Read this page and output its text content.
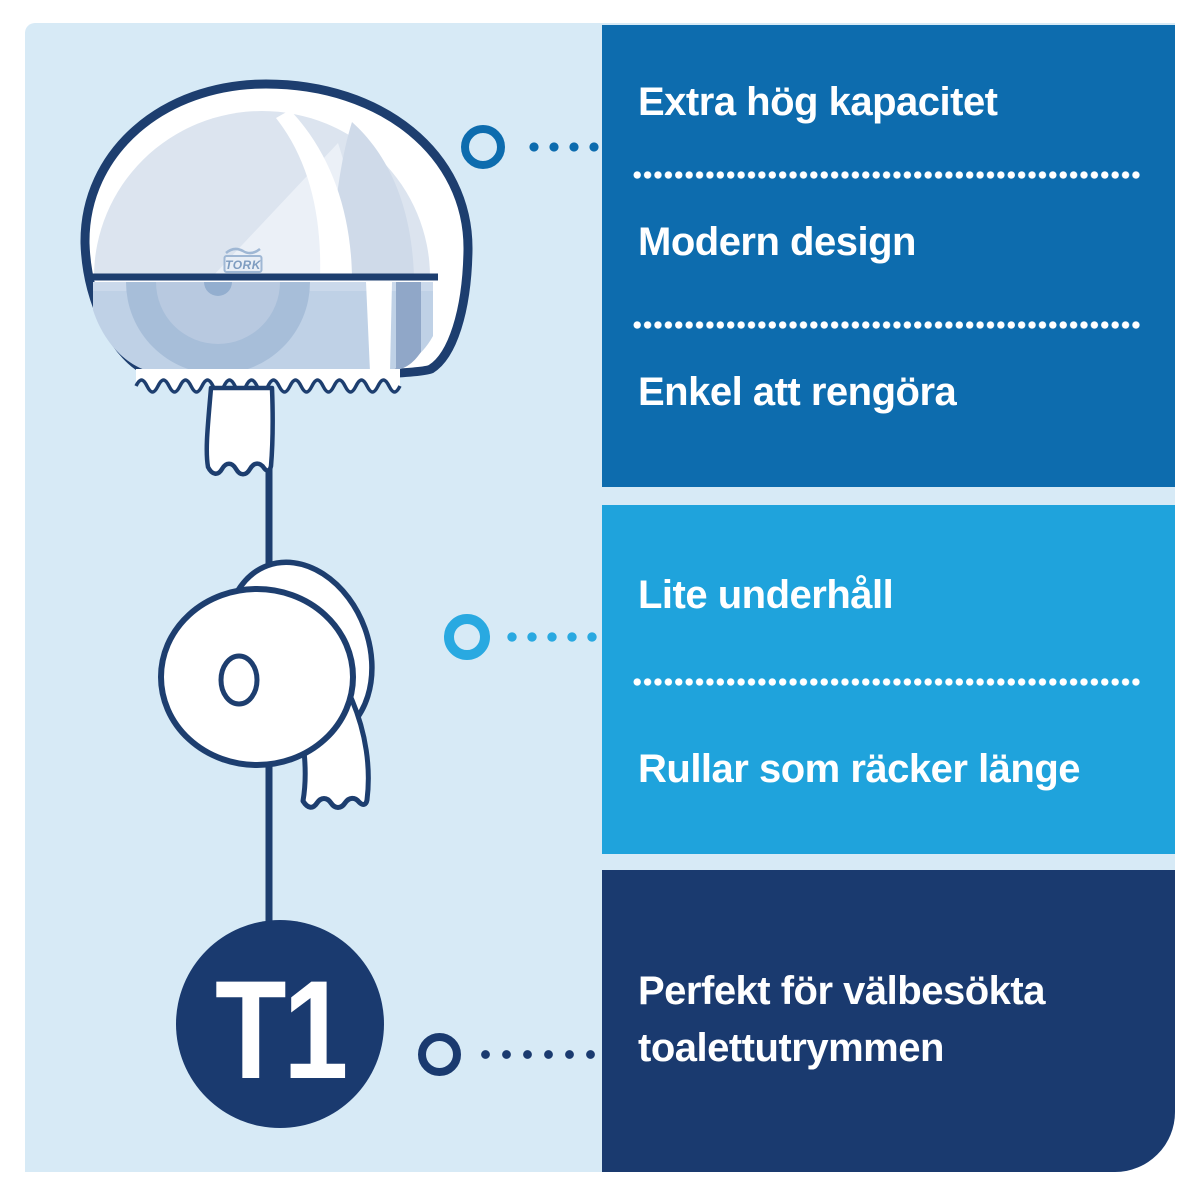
TORK
T1
Extra hög kapacitet
Modern design
Enkel att rengöra
Lite underhåll
Rullar som räcker länge
Perfekt för välbesökta toalettutrymmen
